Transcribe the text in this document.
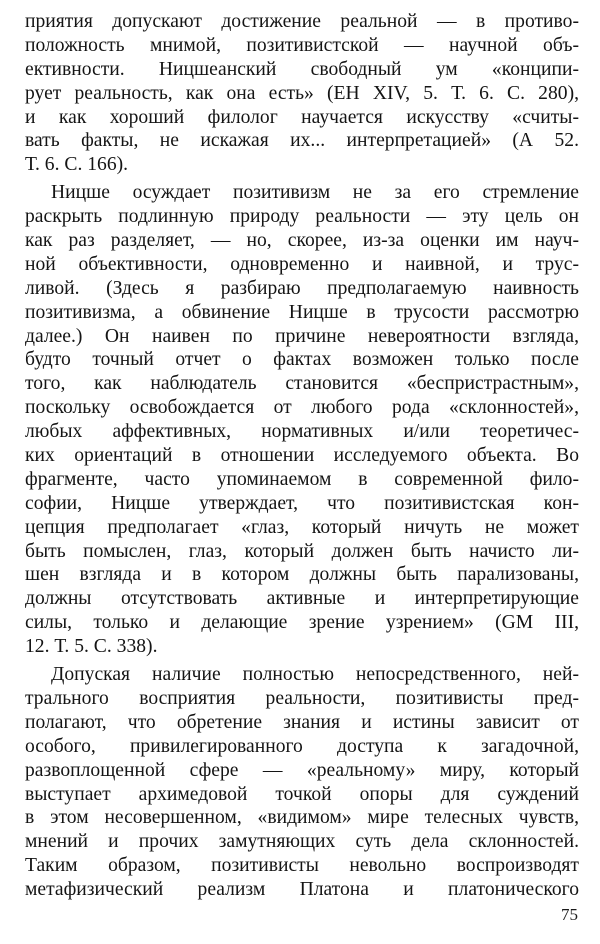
приятия допускают достижение реальной — в противо-
положность мнимой, позитивистской — научной объ-
ективности. Ницшеанский свободный ум «конципи-
рует реальность, как она есть» (EH XIV, 5. Т. 6. С. 280),
и как хороший филолог научается искусству «считы-
вать факты, не искажая их... интерпретацией» (А 52.
Т. 6. С. 166).
Ницше осуждает позитивизм не за его стремление
раскрыть подлинную природу реальности — эту цель он
как раз разделяет, — но, скорее, из-за оценки им науч-
ной объективности, одновременно и наивной, и трус-
ливой. (Здесь я разбираю предполагаемую наивность
позитивизма, а обвинение Ницше в трусости рассмотрю
далее.) Он наивен по причине невероятности взгляда,
будто точный отчет о фактах возможен только после
того, как наблюдатель становится «беспристрастным»,
поскольку освобождается от любого рода «склонностей»,
любых аффективных, нормативных и/или теоретичес-
ких ориентаций в отношении исследуемого объекта. Во
фрагменте, часто упоминаемом в современной фило-
софии, Ницше утверждает, что позитивистская кон-
цепция предполагает «глаз, который ничуть не может
быть помыслен, глаз, который должен быть начисто ли-
шен взгляда и в котором должны быть парализованы,
должны отсутствовать активные и интерпретирующие
силы, только и делающие зрение узрением» (GM III,
12. Т. 5. С. 338).
Допуская наличие полностью непосредственного, ней-
трального восприятия реальности, позитивисты пред-
полагают, что обретение знания и истины зависит от
особого, привилегированного доступа к загадочной,
развоплощенной сфере — «реальному» миру, который
выступает архимедовой точкой опоры для суждений
в этом несовершенном, «видимом» мире телесных чувств,
мнений и прочих замутняющих суть дела склонностей.
Таким образом, позитивисты невольно воспроизводят
метафизический реализм Платона и платонического
75
